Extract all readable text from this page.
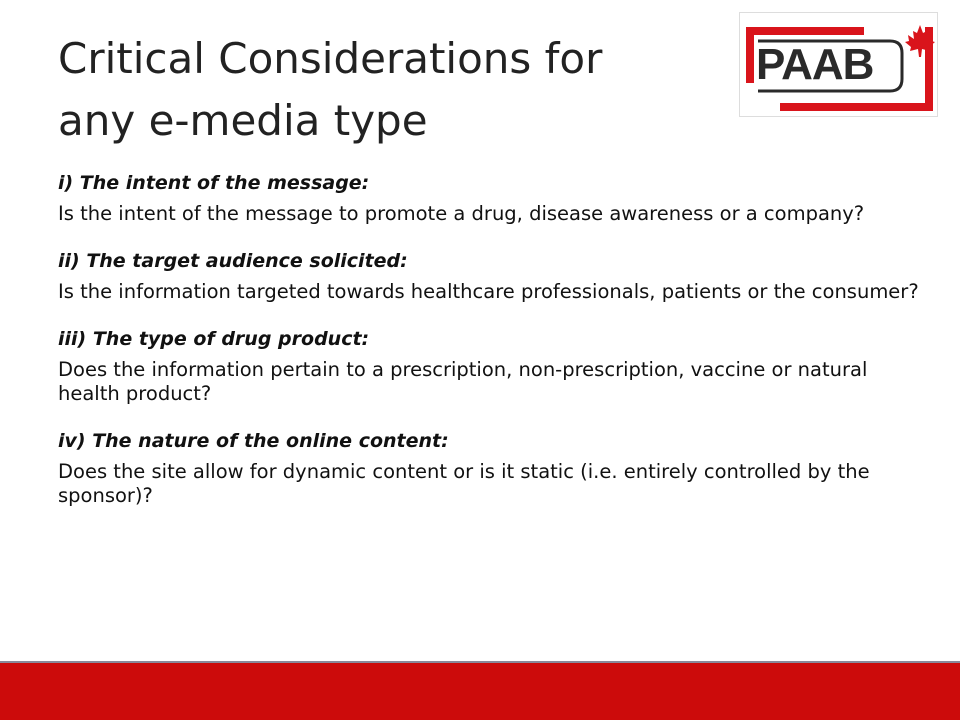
Critical Considerations for
any e-media type
PAAB
i) The intent of the message:
Is the intent of the message to promote a drug, disease awareness or a company?
ii) The target audience solicited:
Is the information targeted towards healthcare professionals, patients or the consumer?
iii) The type of drug product:
Does the information pertain to a prescription, non-prescription, vaccine or natural health product?
iv) The nature of the online content:
Does the site allow for dynamic content or is it static (i.e. entirely controlled by the sponsor)?
